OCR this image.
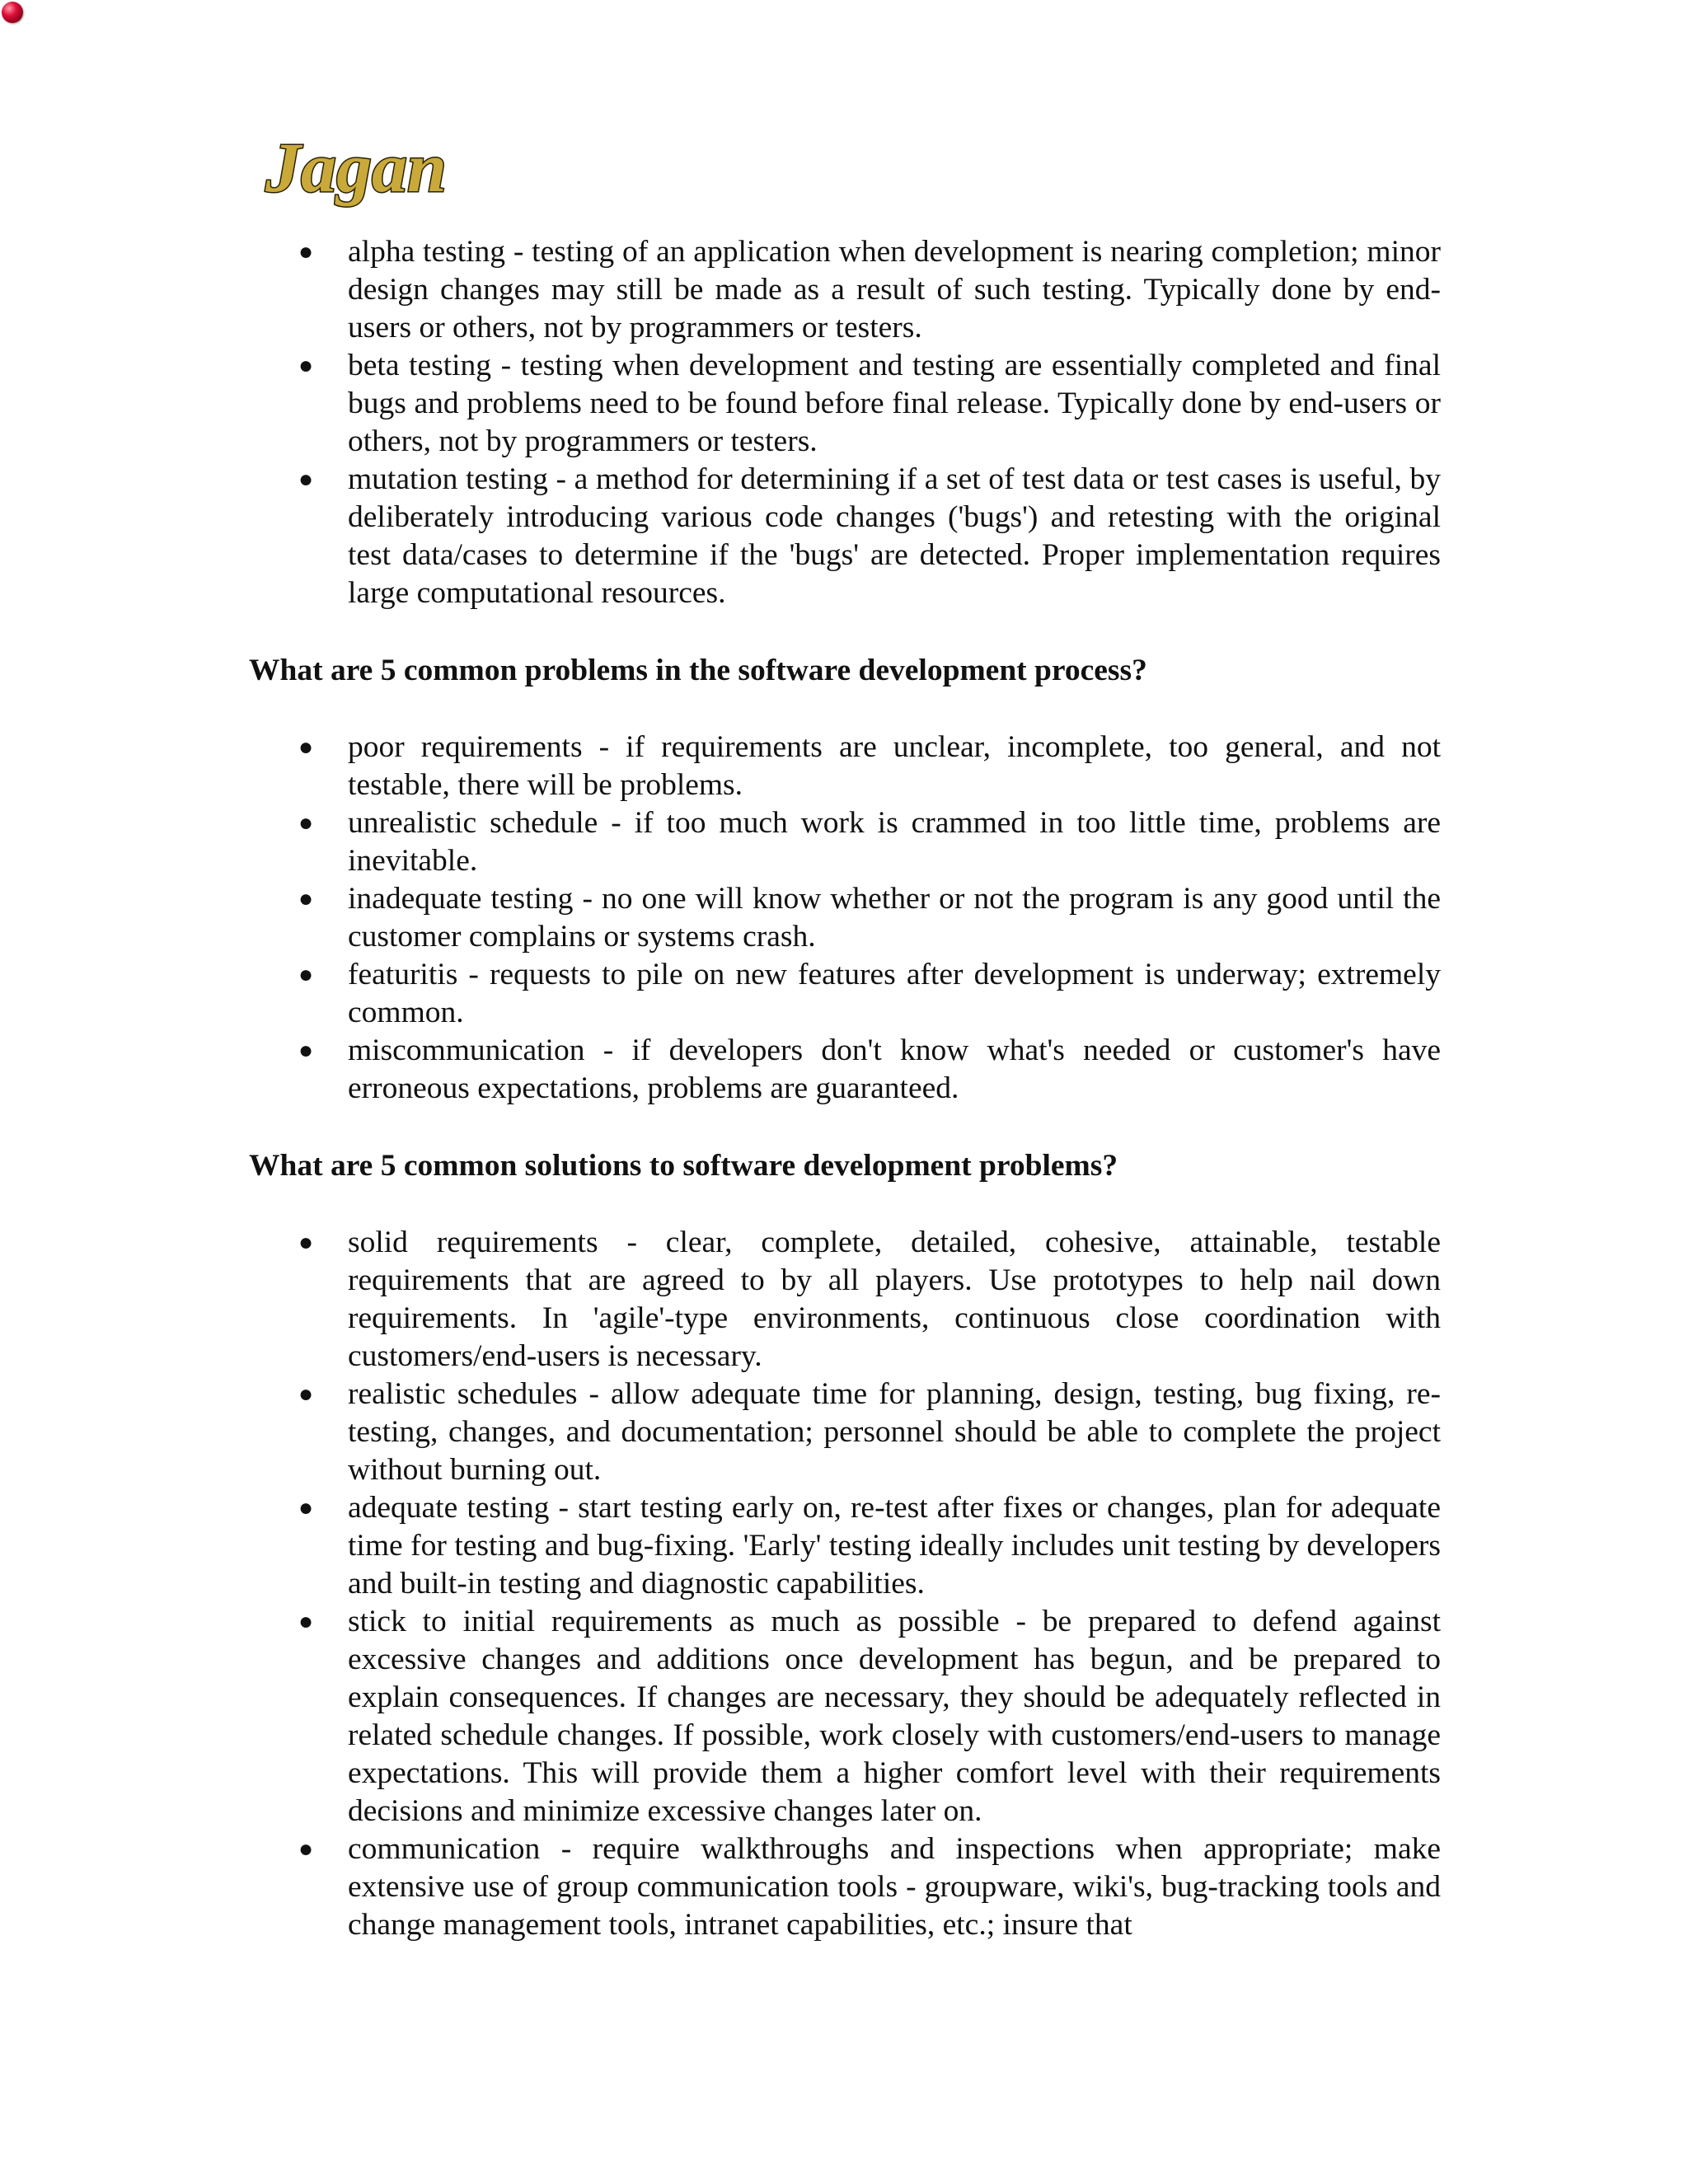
Jagan
● alpha testing - testing of an application when development is nearing completion; minor design changes may still be made as a result of such testing. Typically done by end-users or others, not by programmers or testers.
● beta testing - testing when development and testing are essentially completed and final bugs and problems need to be found before final release. Typically done by end-users or others, not by programmers or testers.
● mutation testing - a method for determining if a set of test data or test cases is useful, by deliberately introducing various code changes ('bugs') and retesting with the original test data/cases to determine if the 'bugs' are detected. Proper implementation requires large computational resources.
What are 5 common problems in the software development process?
● poor requirements - if requirements are unclear, incomplete, too general, and not testable, there will be problems.
● unrealistic schedule - if too much work is crammed in too little time, problems are inevitable.
● inadequate testing - no one will know whether or not the program is any good until the customer complains or systems crash.
● featuritis - requests to pile on new features after development is underway; extremely common.
● miscommunication - if developers don't know what's needed or customer's have erroneous expectations, problems are guaranteed.
What are 5 common solutions to software development problems?
● solid requirements - clear, complete, detailed, cohesive, attainable, testable requirements that are agreed to by all players. Use prototypes to help nail down requirements. In 'agile'-type environments, continuous close coordination with customers/end-users is necessary.
● realistic schedules - allow adequate time for planning, design, testing, bug fixing, re-testing, changes, and documentation; personnel should be able to complete the project without burning out.
● adequate testing - start testing early on, re-test after fixes or changes, plan for adequate time for testing and bug-fixing. 'Early' testing ideally includes unit testing by developers and built-in testing and diagnostic capabilities.
● stick to initial requirements as much as possible - be prepared to defend against excessive changes and additions once development has begun, and be prepared to explain consequences. If changes are necessary, they should be adequately reflected in related schedule changes. If possible, work closely with customers/end-users to manage expectations. This will provide them a higher comfort level with their requirements decisions and minimize excessive changes later on.
● communication - require walkthroughs and inspections when appropriate; make extensive use of group communication tools - groupware, wiki's, bug-tracking tools and change management tools, intranet capabilities, etc.; insure that
